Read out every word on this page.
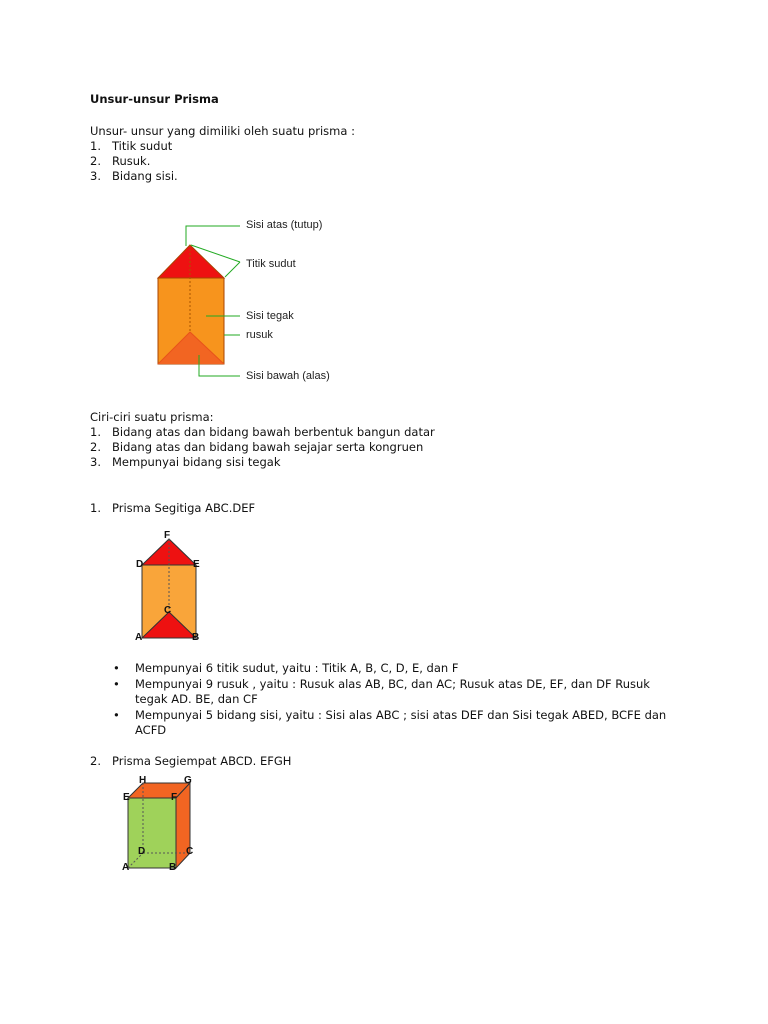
Unsur-unsur Prisma
Unsur- unsur yang dimiliki oleh suatu prisma :
1. Titik sudut
2. Rusuk.
3. Bidang sisi.
Sisi atas (tutup)
Titik sudut
Sisi tegak
rusuk
Sisi bawah (alas)
Ciri-ciri suatu prisma:
1. Bidang atas dan bidang bawah berbentuk bangun datar
2. Bidang atas dan bidang bawah sejajar serta kongruen
3. Mempunyai bidang sisi tegak
1. Prisma Segitiga ABC.DEF
F
D	E
C
A	B
• Mempunyai 6 titik sudut, yaitu : Titik A, B, C, D, E, dan F
• Mempunyai 9 rusuk , yaitu : Rusuk alas AB, BC, dan AC; Rusuk atas DE, EF, dan DF Rusuk tegak AD. BE, dan CF
• Mempunyai 5 bidang sisi, yaitu : Sisi alas ABC ; sisi atas DEF dan Sisi tegak ABED, BCFE dan ACFD
2. Prisma Segiempat ABCD. EFGH
H	G
E	F
D	C
A	B
